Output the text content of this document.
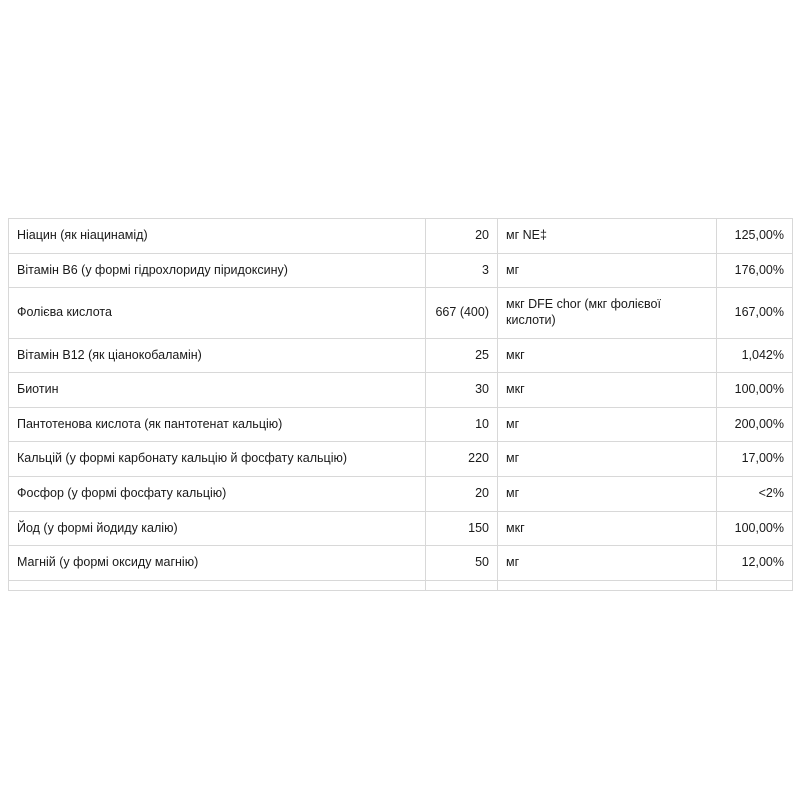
Ніацин (як ніацинамід)	20	мг NE‡	125,00%
Вітамін B6 (у формі гідрохлориду піридоксину)	3	мг	176,00%
Фолієва кислота	667 (400)	мкг DFE chor (мкг фолієвої кислоти)	167,00%
Вітамін B12 (як ціанокобаламін)	25	мкг	1,042%
Биотин	30	мкг	100,00%
Пантотенова кислота (як пантотенат кальцію)	10	мг	200,00%
Кальцій (у формі карбонату кальцію й фосфату кальцію)	220	мг	17,00%
Фосфор (у формі фосфату кальцію)	20	мг	<2%
Йод (у формі йодиду калію)	150	мкг	100,00%
Магній (у формі оксиду магнію)	50	мг	12,00%
